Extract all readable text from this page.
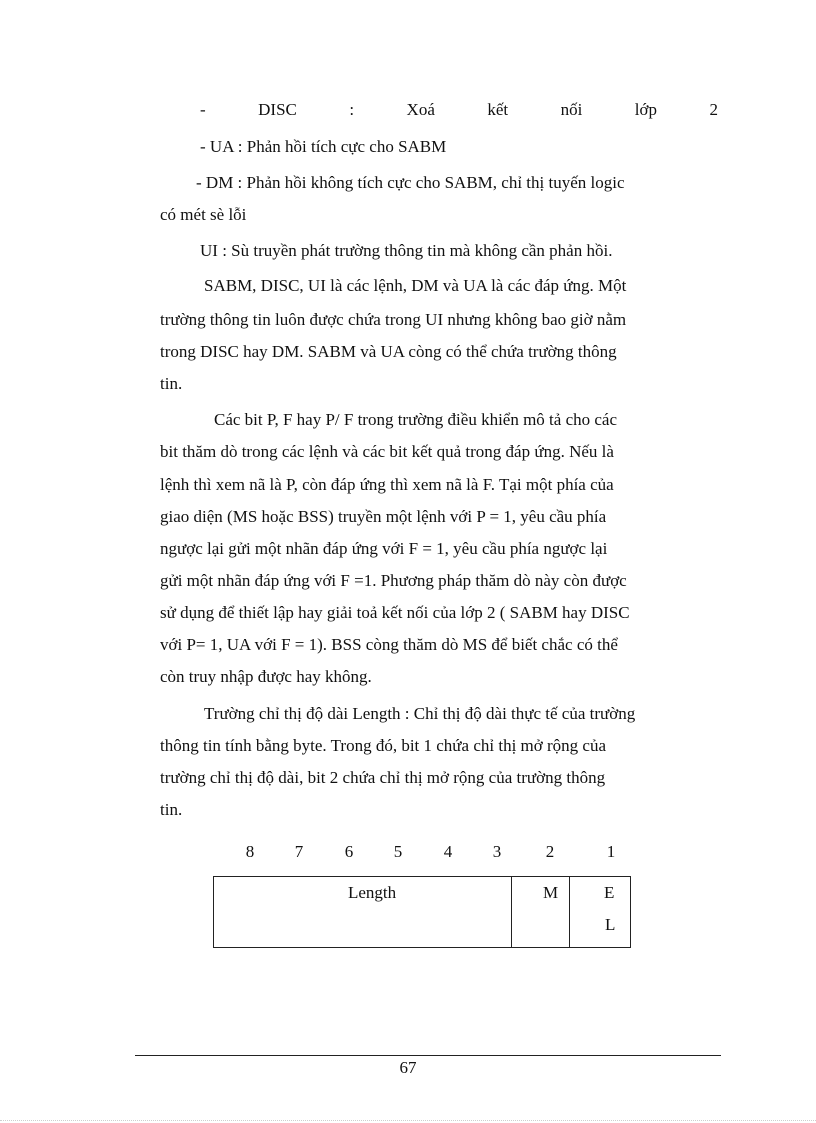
-	DISC	:	Xoá	kết	nối	lớp	2
- UA : Phản hồi tích cực cho SABM
- DM : Phản hồi không tích cực cho SABM, chỉ thị tuyến logic
có mét sè lỗi
UI : Sù truyền phát trường thông tin mà không cần phản hồi.
SABM, DISC, UI là các lệnh, DM và UA là các đáp ứng. Một
trường thông tin luôn được chứa trong UI nhưng không bao giờ nằm
trong DISC hay DM. SABM và UA còng có thể chứa trường thông
tin.
Các bit P, F hay P/ F trong trường điều khiển mô tả cho các
bit thăm dò trong các lệnh và các bit kết quả trong đáp ứng. Nếu là
lệnh thì xem nã là P, còn đáp ứng thì xem nã là F. Tại một phía của
giao diện (MS hoặc BSS) truyền một lệnh với P = 1, yêu cầu phía
ngược lại gửi một nhãn đáp ứng với F = 1, yêu cầu phía ngược lại
gửi một nhãn đáp ứng với F =1. Phương pháp thăm dò này còn được
sử dụng để thiết lập hay giải toả kết nối của lớp 2 ( SABM hay DISC
với P= 1, UA với F = 1). BSS còng thăm dò MS để biết chắc có thể
còn truy nhập được hay không.
Trường chỉ thị độ dài Length : Chỉ thị độ dài thực tế của trường
thông tin tính bằng byte. Trong đó, bit 1 chứa chỉ thị mở rộng của
trường chỉ thị độ dài, bit 2 chứa chỉ thị mở rộng của trường thông
tin.
8	7	6	5	4	3	2	1
Length	M	E
L
67
